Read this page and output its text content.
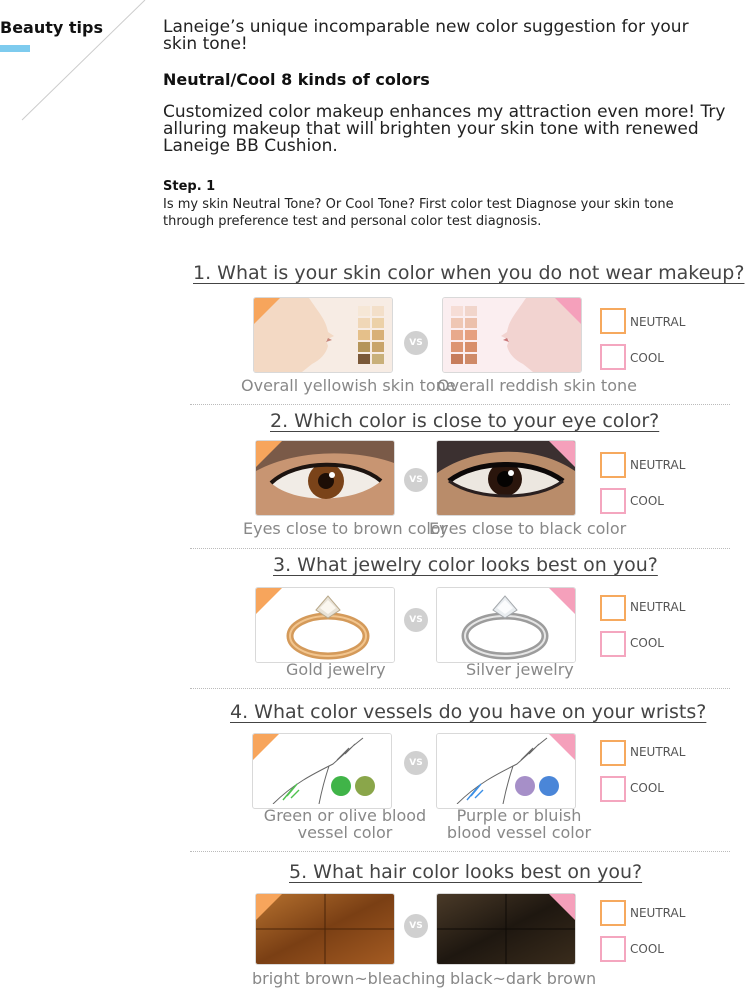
Beauty tips	Laneige’s unique incomparable new color suggestion for your skin tone!
Neutral/Cool 8 kinds of colors
Customized color makeup enhances my attraction even more! Try alluring makeup that will brighten your skin tone with renewed Laneige BB Cushion.
Step. 1
Is my skin Neutral Tone? Or Cool Tone? First color test Diagnose your skin tone through preference test and personal color test diagnosis.
1. What is your skin color when you do not wear makeup?
VS
Overall yellowish skin tone
Overall reddish skin tone
NEUTRAL
COOL
2. Which color is close to your eye color?
VS
Eyes close to brown color
Eyes close to black color
NEUTRAL
COOL
3. What jewelry color looks best on you?
VS
Gold jewelry	Silver jewelry
NEUTRAL
COOL
4. What color vessels do you have on your wrists?
VS
Green or olive blood vessel color
Purple or bluish blood vessel color
NEUTRAL
COOL
5. What hair color looks best on you?
VS
bright brown~bleaching black~dark brown
NEUTRAL
COOL
